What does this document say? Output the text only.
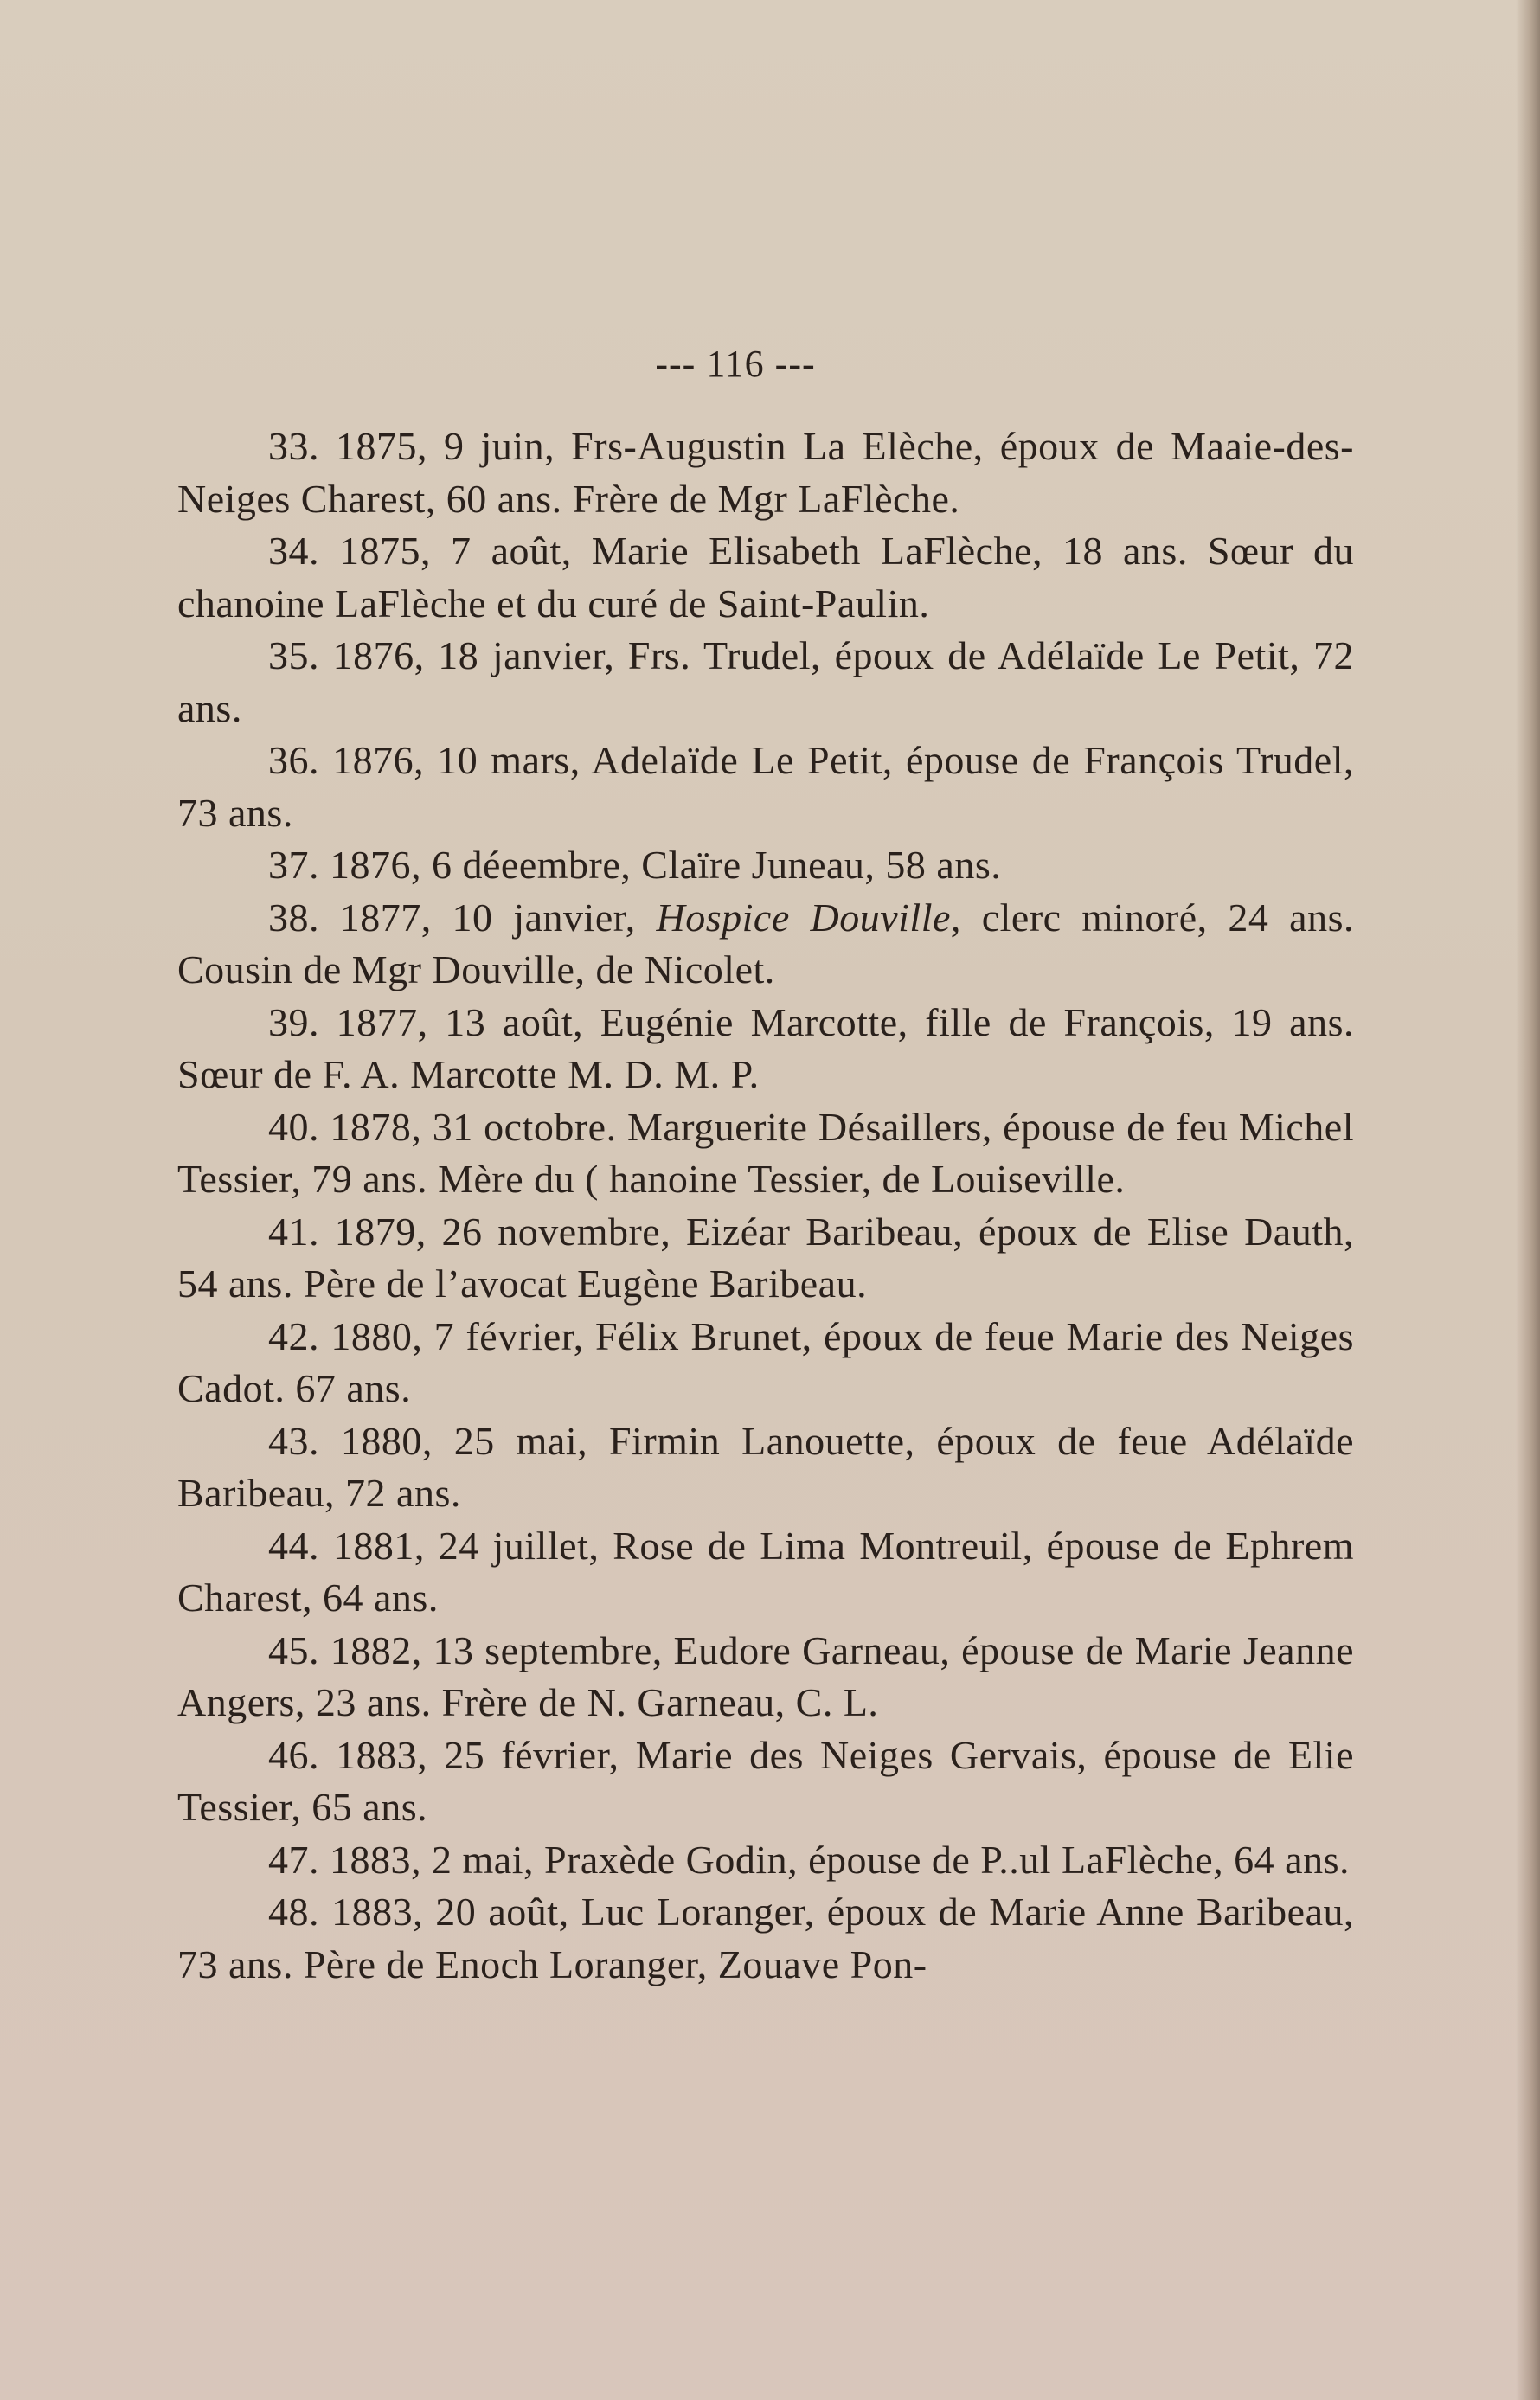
--- 116 ---

33. 1875, 9 juin, Frs-Augustin La Elèche, époux de Maaie-des-Neiges Charest, 60 ans. Frère de Mgr LaFlèche.

34. 1875, 7 août, Marie Elisabeth LaFlèche, 18 ans. Sœur du chanoine LaFlèche et du curé de Saint-Paulin.

35. 1876, 18 janvier, Frs. Trudel, époux de Adélaïde Le Petit, 72 ans.

36. 1876, 10 mars, Adelaïde Le Petit, épouse de François Trudel, 73 ans.

37. 1876, 6 déeembre, Claïre Juneau, 58 ans.

38. 1877, 10 janvier, Hospice Douville, clerc minoré, 24 ans. Cousin de Mgr Douville, de Nicolet.

39. 1877, 13 août, Eugénie Marcotte, fille de François, 19 ans. Sœur de F. A. Marcotte M. D. M. P.

40. 1878, 31 octobre. Marguerite Désaillers, épouse de feu Michel Tessier, 79 ans. Mère du ( hanoine Tessier, de Louiseville.

41. 1879, 26 novembre, Eizéar Baribeau, époux de Elise Dauth, 54 ans. Père de l’avocat Eugène Baribeau.

42. 1880, 7 février, Félix Brunet, époux de feue Marie des Neiges Cadot. 67 ans.

43. 1880, 25 mai, Firmin Lanouette, époux de feue Adélaïde Baribeau, 72 ans.

44. 1881, 24 juillet, Rose de Lima Montreuil, épouse de Ephrem Charest, 64 ans.

45. 1882, 13 septembre, Eudore Garneau, épouse de Marie Jeanne Angers, 23 ans. Frère de N. Garneau, C. L.

46. 1883, 25 février, Marie des Neiges Gervais, épouse de Elie Tessier, 65 ans.

47. 1883, 2 mai, Praxède Godin, épouse de P..ul LaFlèche, 64 ans.

48. 1883, 20 août, Luc Loranger, époux de Marie Anne Baribeau, 73 ans. Père de Enoch Loranger, Zouave Pon-
